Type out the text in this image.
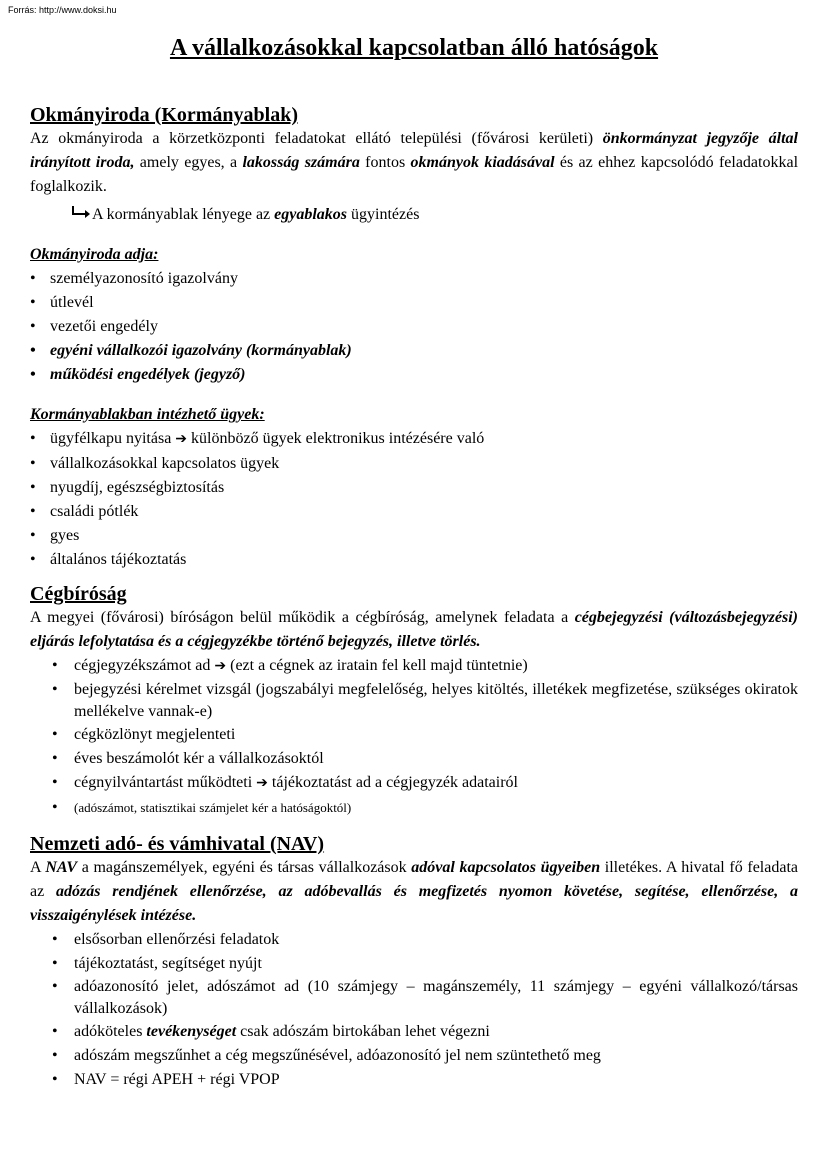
Forrás: http://www.doksi.hu
A vállalkozásokkal kapcsolatban álló hatóságok
Okmányiroda (Kormányablak)

Az okmányiroda a körzetközponti feladatokat ellátó települési (fővárosi kerületi) önkormányzat jegyzője által irányított iroda, amely egyes, a lakosság számára fontos okmányok kiadásával és az ehhez kapcsolódó feladatokkal foglalkozik.

A kormányablak lényege az egyablakos ügyintézés
Okmányiroda adja:
• személyazonosító igazolvány
• útlevél
• vezetői engedély
• egyéni vállalkozói igazolvány (kormányablak)
• működési engedélyek (jegyző)
Kormányablakban intézhető ügyek:
• ügyfélkapu nyitása ➔ különböző ügyek elektronikus intézésére való
• vállalkozásokkal kapcsolatos ügyek
• nyugdíj, egészségbiztosítás
• családi pótlék
• gyes
• általános tájékoztatás
Cégbíróság

A megyei (fővárosi) bíróságon belül működik a cégbíróság, amelynek feladata a cégbejegyzési (változásbejegyzési) eljárás lefolytatása és a cégjegyzékbe történő bejegyzés, illetve törlés.

• cégjegyzékszámot ad ➔ (ezt a cégnek az iratain fel kell majd tüntetnie)
• bejegyzési kérelmet vizsgál (jogszabályi megfelelőség, helyes kitöltés, illetékek megfizetése, szükséges okiratok mellékelve vannak-e)
• cégközlönyt megjelenteti
• éves beszámolót kér a vállalkozásoktól
• cégnyilvántartást működteti ➔ tájékoztatást ad a cégjegyzék adatairól
• (adószámot, statisztikai számjelet kér a hatóságoktól)
Nemzeti adó- és vámhivatal (NAV)

A NAV a magánszemélyek, egyéni és társas vállalkozások adóval kapcsolatos ügyeiben illetékes. A hivatal fő feladata az adózás rendjének ellenőrzése, az adóbevallás és megfizetés nyomon követése, segítése, ellenőrzése, a visszaigénylések intézése.

• elsősorban ellenőrzési feladatok
• tájékoztatást, segítséget nyújt
• adóazonosító jelet, adószámot ad (10 számjegy – magánszemély, 11 számjegy – egyéni vállalkozó/társas vállalkozások)
• adóköteles tevékenységet csak adószám birtokában lehet végezni
• adószám megszűnhet a cég megszűnésével, adóazonosító jel nem szüntethető meg
• NAV = régi APEH + régi VPOP
